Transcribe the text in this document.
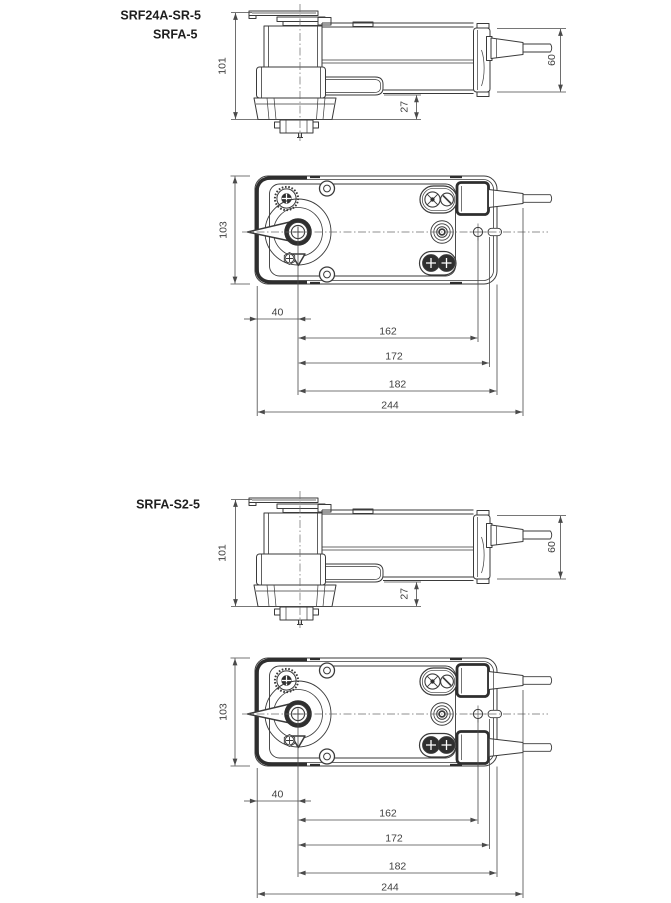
SRF24A-SR-5
SRFA-5
101	60
27
103
40
162
172
182
244
SRFA-S2-5
101	60
27
103
40
162
172
182
244
